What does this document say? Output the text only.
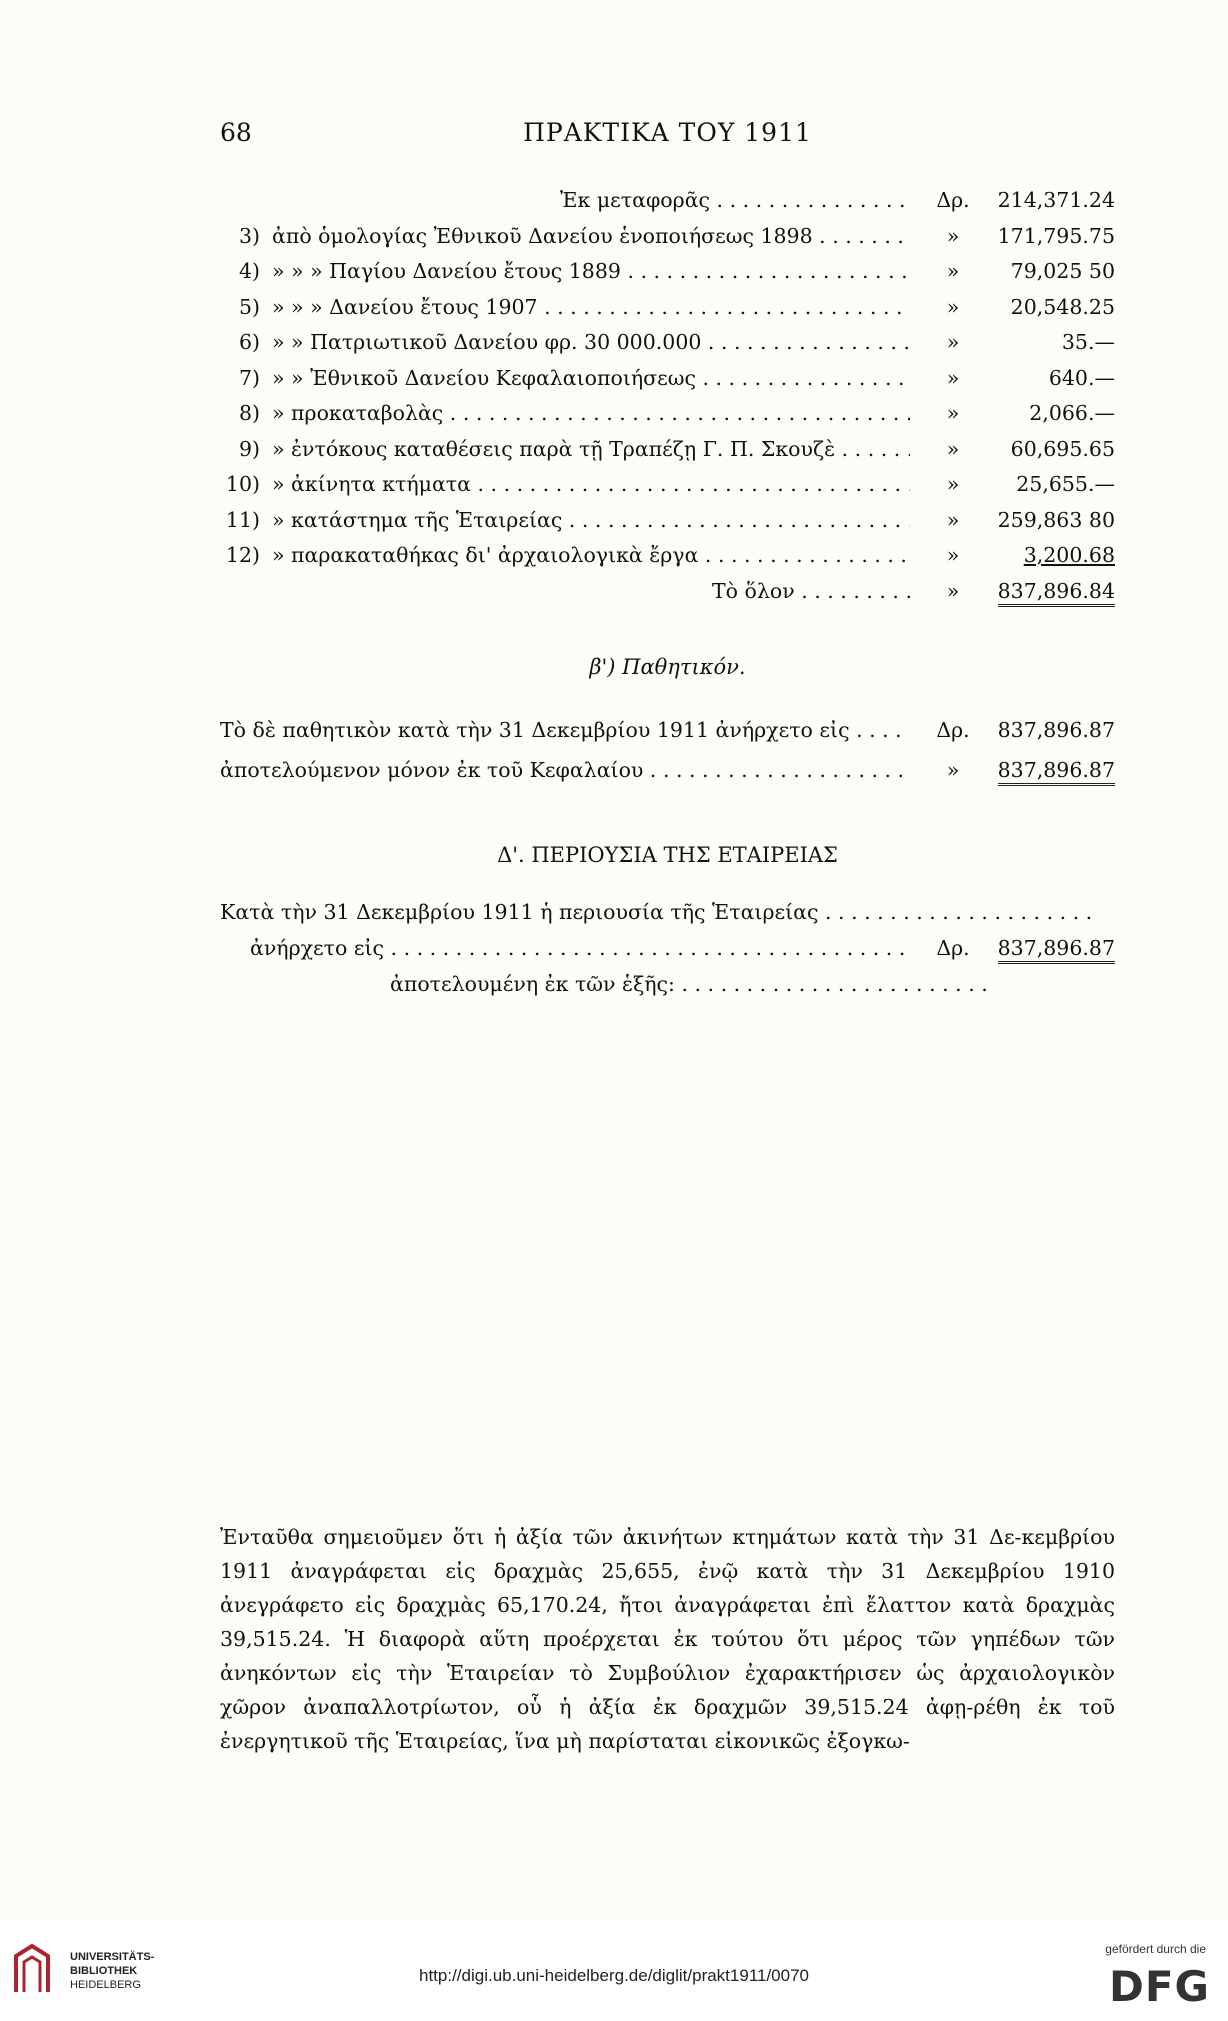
68	ΠΡΑΚΤΙΚΑ ΤΟΥ 1911
Ἐκ μεταφορᾶς . . .	Δρ.	214,371.24
3) ἀπὸ ὁμολογίας Ἐθνικοῦ Δανείου ἑνοποιήσεως 1898 . . .	»	171,795.75
4) » » » Παγίου Δανείου ἔτους 1889 . . .	»	79,025 50
5) » » » Δανείου ἔτους 1907 . . .	»	20,548.25
6) » » Πατριωτικοῦ Δανείου φρ. 30 000.000 . . .	»	35.—
7) » » Ἐθνικοῦ Δανείου Κεφαλαιοποιήσεως . . .	»	640.—
8) » προκαταβολὰς . . .	»	2,066.—
9) » ἐντόκους καταθέσεις παρὰ τῇ Τραπέζῃ Γ. Π. Σκουζὲ . . .	»	60,695.65
10) » ἀκίνητα κτήματα . . .	»	25,655.—
11) » κατάστημα τῆς Ἑταιρείας . . .	»	259,863 80
12) » παρακαταθήκας δι' ἀρχαιολογικὰ ἔργα . . .	»	3,200.68
Τὸ ὅλον . . .	»	837,896.84
β') Παθητικόν.
Τὸ δὲ παθητικὸν κατὰ τὴν 31 Δεκεμβρίου 1911 ἀνήρχετο εἰς . . .	Δρ.	837,896.87
ἀποτελούμενον μόνον ἐκ τοῦ Κεφαλαίου . . .	»	837,896.87
Δ'. ΠΕΡΙΟΥΣΙΑ ΤΗΣ ΕΤΑΙΡΕΙΑΣ
Κατὰ τὴν 31 Δεκεμβρίου 1911 ἡ περιουσία τῆς Ἑταιρείας . . .
ἀνήρχετο εἰς . . .	Δρ.	837,896.87
ἀποτελουμένη ἐκ τῶν ἑξῆς: . . .
Ἐνταῦθα σημειοῦμεν ὅτι ἡ ἀξία τῶν ἀκινήτων κτημάτων κατὰ τὴν 31 Δε-κεμβρίου 1911 ἀναγράφεται εἰς δραχμὰς 25,655, ἐνῷ κατὰ τὴν 31 Δεκεμβρίου 1910 ἀνεγράφετο εἰς δραχμὰς 65,170.24, ἤτοι ἀναγράφεται ἐπὶ ἔλαττον κατὰ δραχμὰς 39,515.24. Ἡ διαφορὰ αὕτη προέρχεται ἐκ τούτου ὅτι μέρος τῶν γηπέδων τῶν ἀνηκόντων εἰς τὴν Ἑταιρείαν τὸ Συμβούλιον ἐχαρακτήρισεν ὡς ἀρχαιολογικὸν χῶρον ἀναπαλλοτρίωτον, οὗ ἡ ἀξία ἐκ δραχμῶν 39,515.24 ἀφῃ-ρέθη ἐκ τοῦ ἐνεργητικοῦ τῆς Ἑταιρείας, ἵνα μὴ παρίσταται εἰκονικῶς ἐξογκω-
UNIVERSITÄTS-
BIBLIOTHEK
HEIDELBERG	http://digi.ub.uni-heidelberg.de/diglit/prakt1911/0070
gefördert durch die
DFG
